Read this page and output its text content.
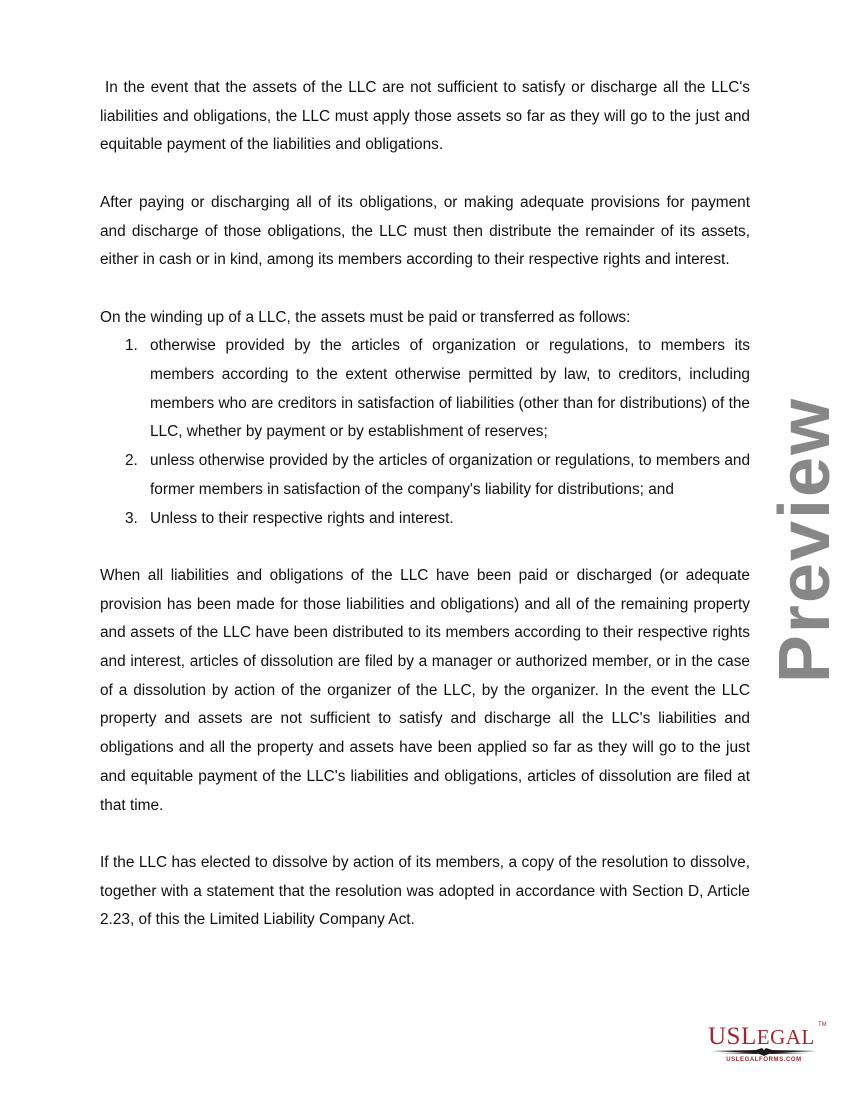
In the event that the assets of the LLC are not sufficient to satisfy or discharge all the LLC's liabilities and obligations, the LLC must apply those assets so far as they will go to the just and equitable payment of the liabilities and obligations.

After paying or discharging all of its obligations, or making adequate provisions for payment and discharge of those obligations, the LLC must then distribute the remainder of its assets, either in cash or in kind, among its members according to their respective rights and interest.

On the winding up of a LLC, the assets must be paid or transferred as follows:

1. otherwise provided by the articles of organization or regulations, to members its members according to the extent otherwise permitted by law, to creditors, including members who are creditors in satisfaction of liabilities (other than for distributions) of the LLC, whether by payment or by establishment of reserves;
2. unless otherwise provided by the articles of organization or regulations, to members and former members in satisfaction of the company's liability for distributions; and
3. Unless to their respective rights and interest.

When all liabilities and obligations of the LLC have been paid or discharged (or adequate provision has been made for those liabilities and obligations) and all of the remaining property and assets of the LLC have been distributed to its members according to their respective rights and interest, articles of dissolution are filed by a manager or authorized member, or in the case of a dissolution by action of the organizer of the LLC, by the organizer. In the event the LLC property and assets are not sufficient to satisfy and discharge all the LLC's liabilities and obligations and all the property and assets have been applied so far as they will go to the just and equitable payment of the LLC's liabilities and obligations, articles of dissolution are filed at that time.

If the LLC has elected to dissolve by action of its members, a copy of the resolution to dissolve, together with a statement that the resolution was adopted in accordance with Section D, Article 2.23, of this the Limited Liability Company Act.

Preview
USLEGAL TM
USLEGALFORMS.COM
